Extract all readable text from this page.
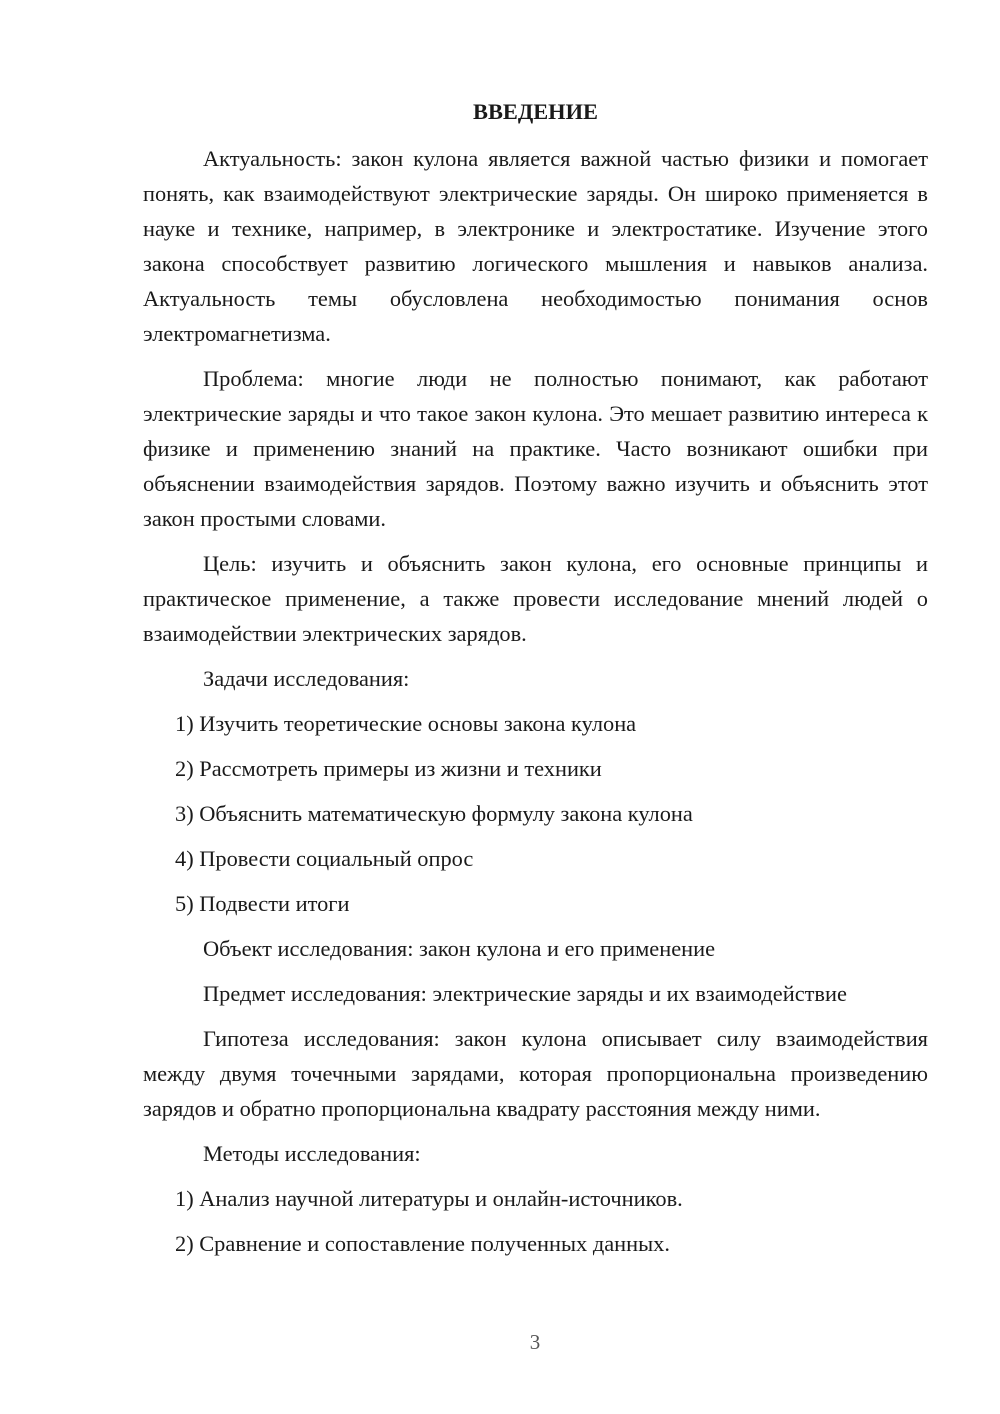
ВВЕДЕНИЕ

Актуальность: закон кулона является важной частью физики и помогает понять, как взаимодействуют электрические заряды. Он широко применяется в науке и технике, например, в электронике и электростатике. Изучение этого закона способствует развитию логического мышления и навыков анализа. Актуальность темы обусловлена необходимостью понимания основ электромагнетизма.

Проблема: многие люди не полностью понимают, как работают электрические заряды и что такое закон кулона. Это мешает развитию интереса к физике и применению знаний на практике. Часто возникают ошибки при объяснении взаимодействия зарядов. Поэтому важно изучить и объяснить этот закон простыми словами.

Цель: изучить и объяснить закон кулона, его основные принципы и практическое применение, а также провести исследование мнений людей о взаимодействии электрических зарядов.

Задачи исследования:

1) Изучить теоретические основы закона кулона
2) Рассмотреть примеры из жизни и техники
3) Объяснить математическую формулу закона кулона
4) Провести социальный опрос
5) Подвести итоги

Объект исследования: закон кулона и его применение

Предмет исследования: электрические заряды и их взаимодействие

Гипотеза исследования: закон кулона описывает силу взаимодействия между двумя точечными зарядами, которая пропорциональна произведению зарядов и обратно пропорциональна квадрату расстояния между ними.

Методы исследования:

1) Анализ научной литературы и онлайн-источников.
2) Сравнение и сопоставление полученных данных.
3
